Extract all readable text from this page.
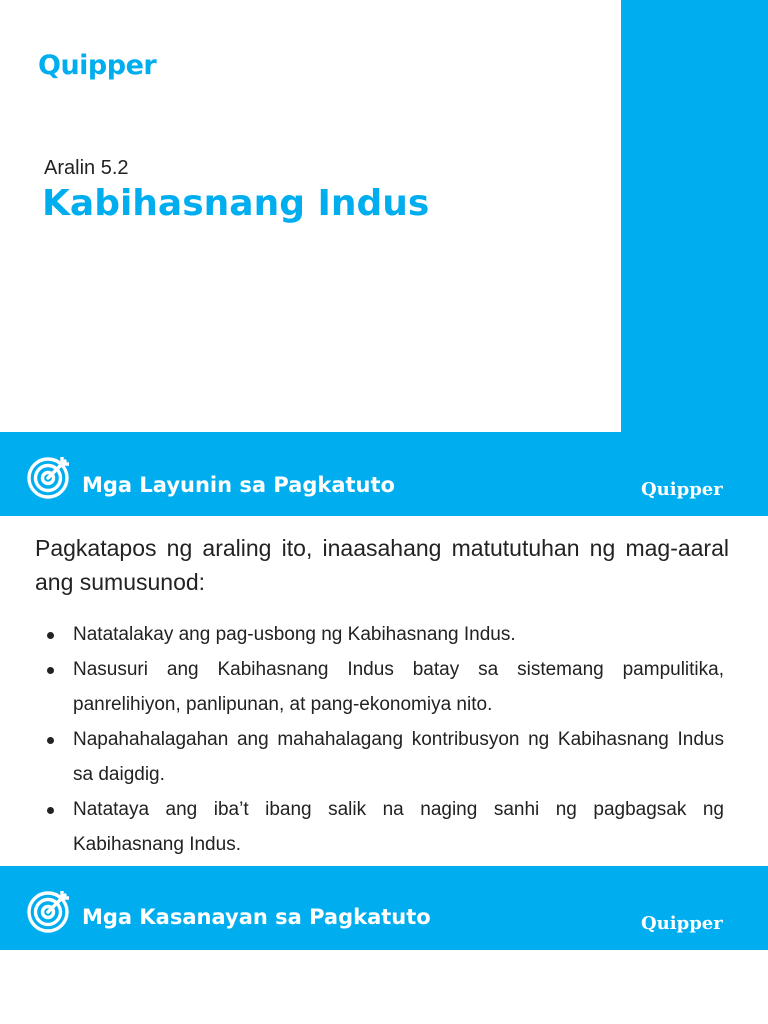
Quipper
Aralin 5.2
Kabihasnang Indus
Mga Layunin sa Pagkatuto	Quipper
Pagkatapos ng araling ito, inaasahang matututuhan ng mag-aaral ang sumusunod:
Natatalakay ang pag-usbong ng Kabihasnang Indus.
Nasusuri ang Kabihasnang Indus batay sa sistemang pampulitika, panrelihiyon, panlipunan, at pang-ekonomiya nito.
Napahahalagahan ang mahahalagang kontribusyon ng Kabihasnang Indus sa daigdig.
Natataya ang iba’t ibang salik na naging sanhi ng pagbagsak ng Kabihasnang Indus.
Mga Kasanayan sa Pagkatuto	Quipper
